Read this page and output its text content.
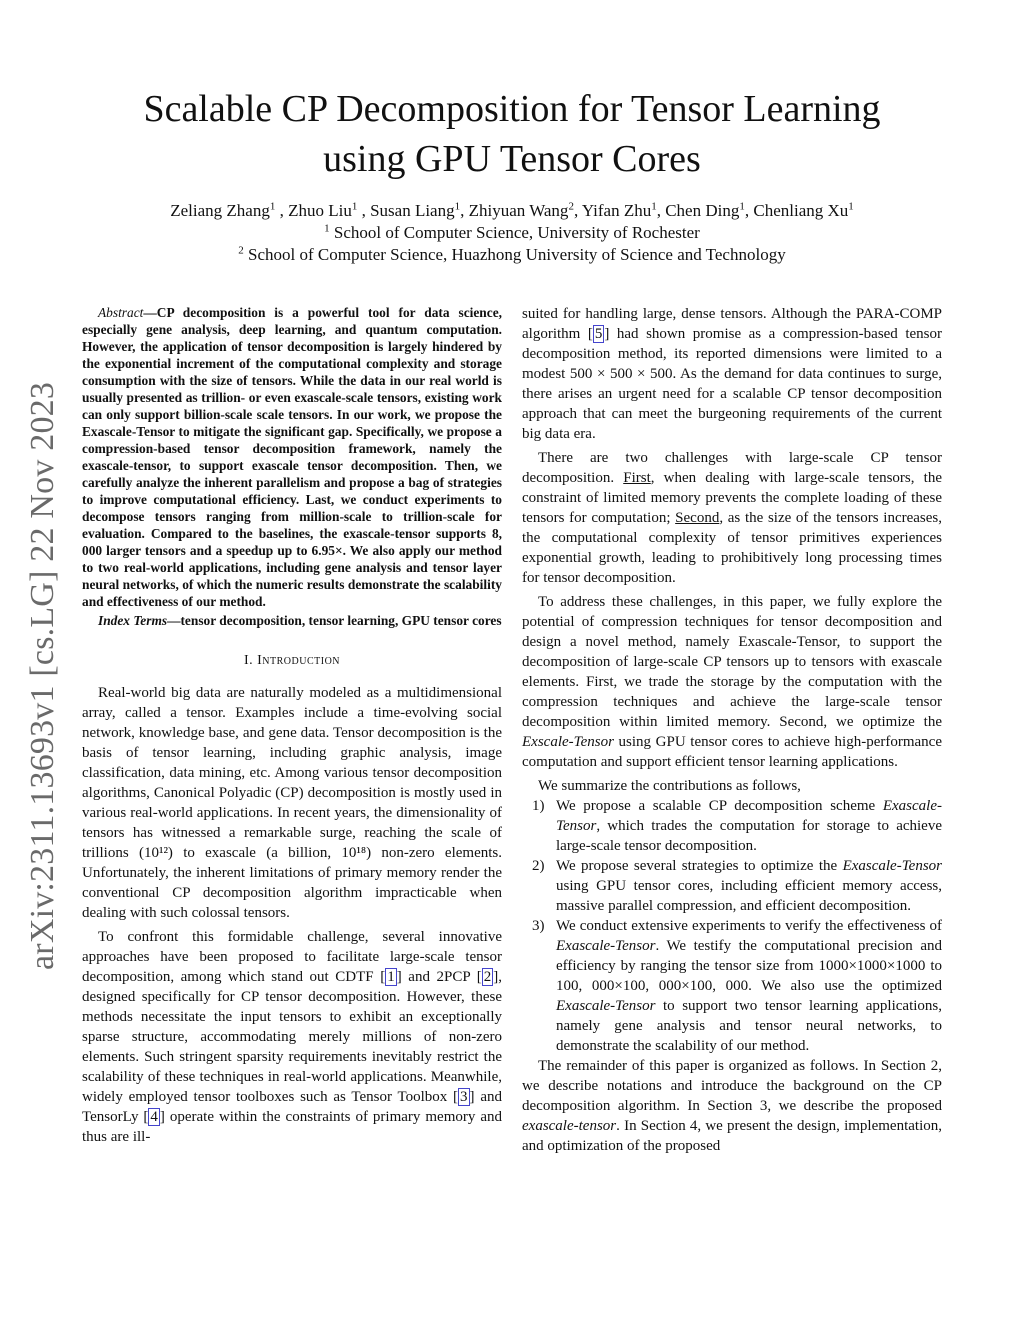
arXiv:2311.13693v1 [cs.LG] 22 Nov 2023
Scalable CP Decomposition for Tensor Learning
using GPU Tensor Cores

Zeliang Zhang$^1$ , Zhuo Liu$^1$ , Susan Liang$^1$, Zhiyuan Wang$^2$, Yifan Zhu$^1$, Chen Ding$^1$, Chenliang Xu$^1$

$^1$ School of Computer Science, University of Rochester

$^2$ School of Computer Science, Huazhong University of Science and Technology

Abstract—CP decomposition is a powerful tool for data science, especially gene analysis, deep learning, and quantum computation. However, the application of tensor decomposition is largely hindered by the exponential increment of the computational complexity and storage consumption with the size of tensors. While the data in our real world is usually presented as trillion- or even exascale-scale tensors, existing work can only support billion-scale scale tensors. In our work, we propose the Exascale-Tensor to mitigate the significant gap. Specifically, we propose a compression-based tensor decomposition framework, namely the exascale-tensor, to support exascale tensor decomposition. Then, we carefully analyze the inherent parallelism and propose a bag of strategies to improve computational efficiency. Last, we conduct experiments to decompose tensors ranging from million-scale to trillion-scale for evaluation. Compared to the baselines, the exascale-tensor supports 8, 000 larger tensors and a speedup up to 6.95×. We also apply our method to two real-world applications, including gene analysis and tensor layer neural networks, of which the numeric results demonstrate the scalability and effectiveness of our method.

Index Terms—tensor decomposition, tensor learning, GPU tensor cores

I. Introduction

Real-world big data are naturally modeled as a multidimensional array, called a tensor. Examples include a time-evolving social network, knowledge base, and gene data. Tensor decomposition is the basis of tensor learning, including graphic analysis, image classification, data mining, etc. Among various tensor decomposition algorithms, Canonical Polyadic (CP) decomposition is mostly used in various real-world applications. In recent years, the dimensionality of tensors has witnessed a remarkable surge, reaching the scale of trillions (10¹²) to exascale (a billion, 10¹⁸) non-zero elements. Unfortunately, the inherent limitations of primary memory render the conventional CP decomposition algorithm impracticable when dealing with such colossal tensors.

To confront this formidable challenge, several innovative approaches have been proposed to facilitate large-scale tensor decomposition, among which stand out CDTF [ 1 ] and 2PCP [ 2 ], designed specifically for CP tensor decomposition. However, these methods necessitate the input tensors to exhibit an exceptionally sparse structure, accommodating merely millions of non-zero elements. Such stringent sparsity requirements inevitably restrict the scalability of these techniques in real-world applications. Meanwhile, widely employed tensor toolboxes such as Tensor Toolbox [ 3 ] and TensorLy [ 4 ] operate within the constraints of primary memory and thus are ill-

suited for handling large, dense tensors. Although the PARA-COMP algorithm [ 5 ] had shown promise as a compression-based tensor decomposition method, its reported dimensions were limited to a modest 500 × 500 × 500. As the demand for data continues to surge, there arises an urgent need for a scalable CP tensor decomposition approach that can meet the burgeoning requirements of the current big data era.

There are two challenges with large-scale CP tensor decomposition. First, when dealing with large-scale tensors, the constraint of limited memory prevents the complete loading of these tensors for computation; Second, as the size of the tensors increases, the computational complexity of tensor primitives experiences exponential growth, leading to prohibitively long processing times for tensor decomposition.

To address these challenges, in this paper, we fully explore the potential of compression techniques for tensor decomposition and design a novel method, namely Exascale-Tensor, to support the decomposition of large-scale CP tensors up to tensors with exascale elements. First, we trade the storage by the computation with the compression techniques and achieve the large-scale tensor decomposition within limited memory. Second, we optimize the Exscale-Tensor using GPU tensor cores to achieve high-performance computation and support efficient tensor learning applications.

We summarize the contributions as follows,

1) We propose a scalable CP decomposition scheme Exascale-Tensor, which trades the computation for storage to achieve large-scale tensor decomposition.
2) We propose several strategies to optimize the Exascale-Tensor using GPU tensor cores, including efficient memory access, massive parallel compression, and efficient decomposition.
3) We conduct extensive experiments to verify the effectiveness of Exascale-Tensor. We testify the computational precision and efficiency by ranging the tensor size from 1000×1000×1000 to 100, 000×100, 000×100, 000. We also use the optimized Exascale-Tensor to support two tensor learning applications, namely gene analysis and tensor neural networks, to demonstrate the scalability of our method.

The remainder of this paper is organized as follows. In Section 2, we describe notations and introduce the background on the CP decomposition algorithm. In Section 3, we describe the proposed exascale-tensor. In Section 4, we present the design, implementation, and optimization of the proposed
